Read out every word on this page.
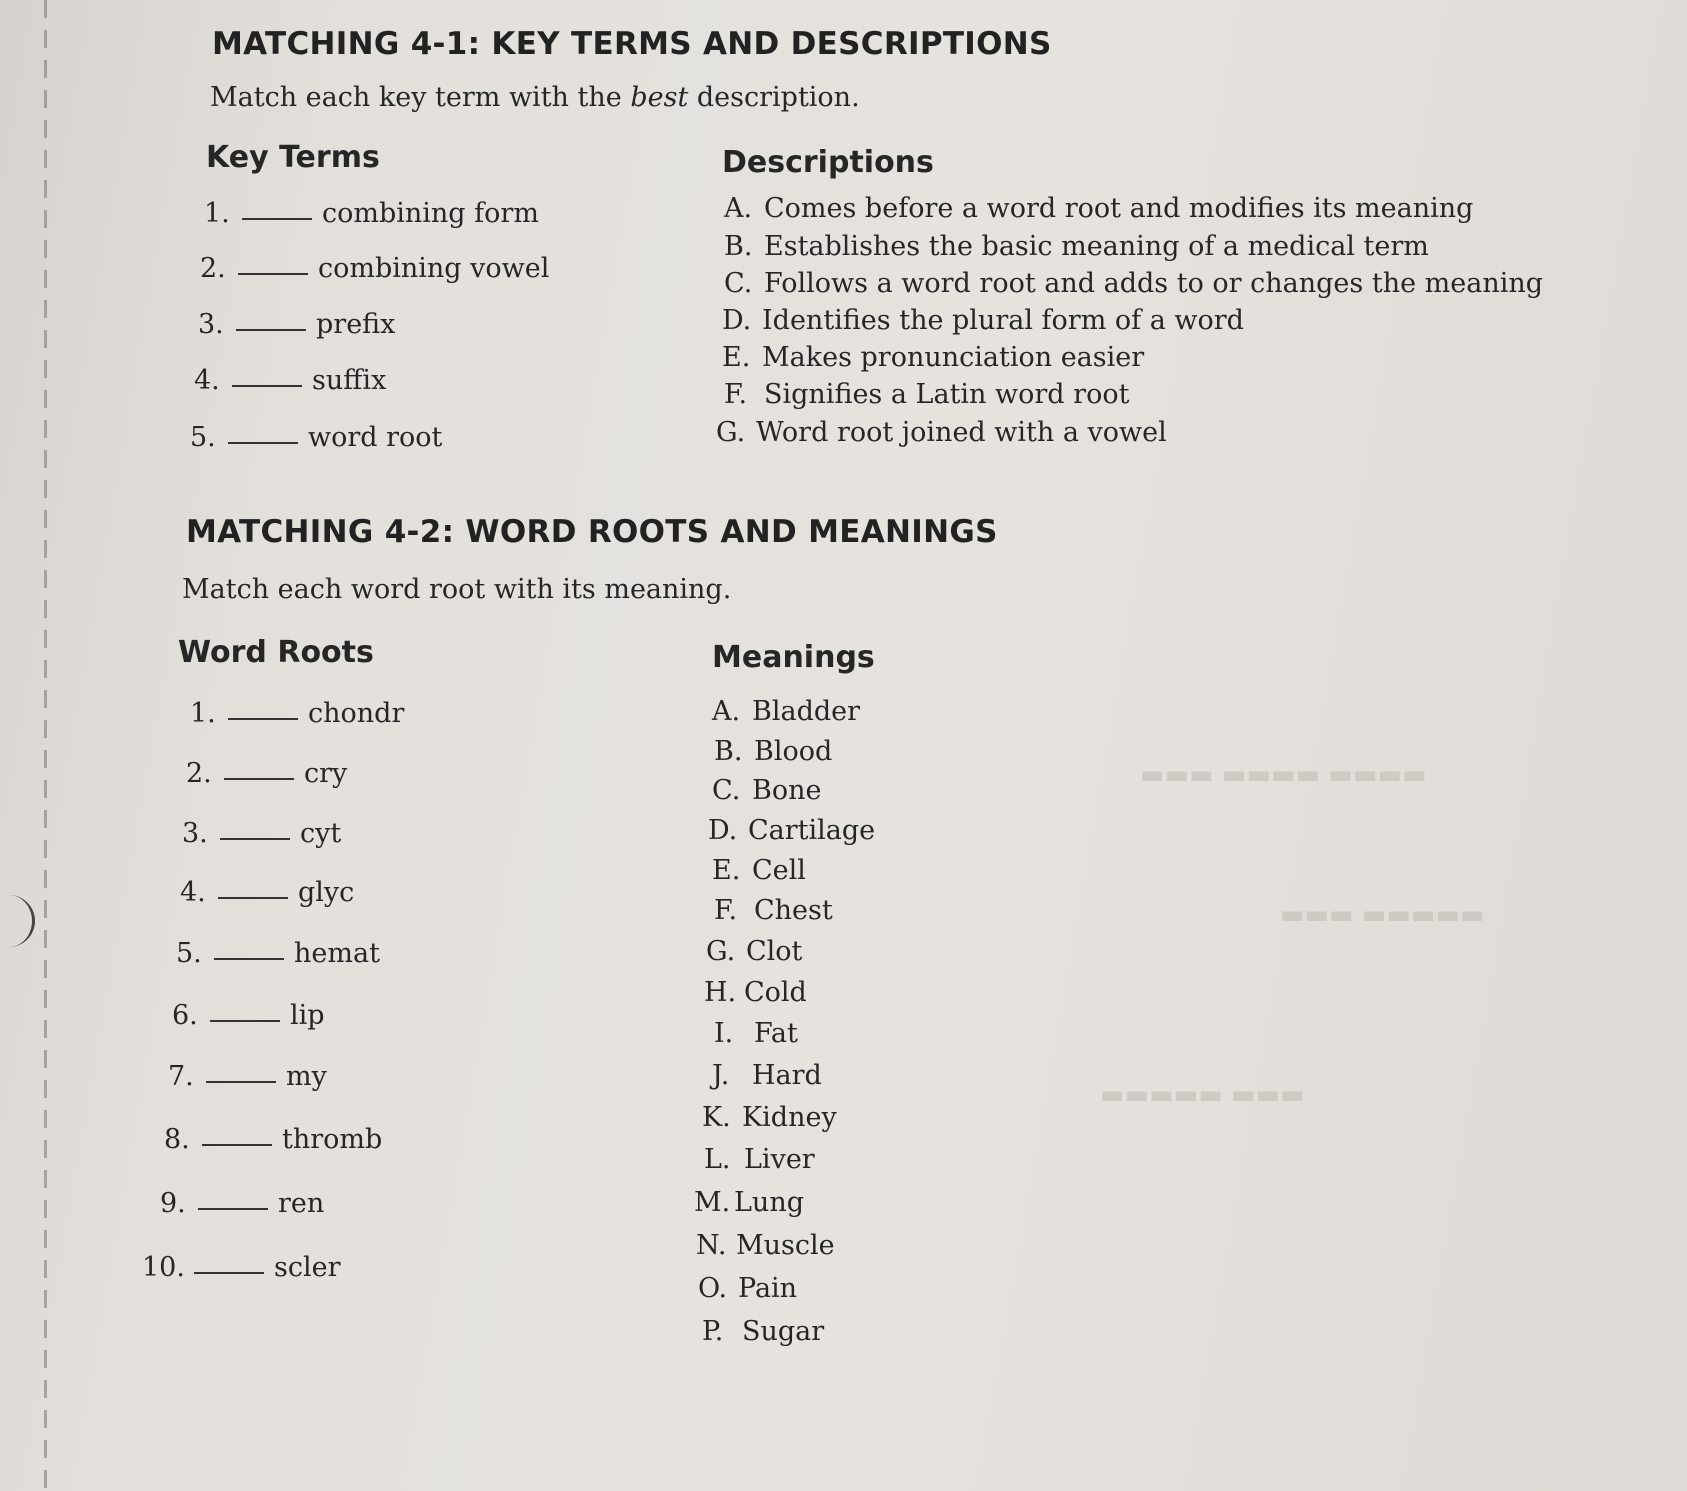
▬▬▬▬ ▬▬▬▬ ▬▬▬
▬▬▬▬▬ ▬▬▬
▬▬▬ ▬▬▬▬▬
MATCHING 4-1: KEY TERMS AND DESCRIPTIONS

Match each key term with the best description.

Key Terms	Descriptions
1.	combining form
2.	combining vowel
3.	prefix
4.	suffix
5.	word root
A. Comes before a word root and modifies its meaning
B. Establishes the basic meaning of a medical term
C. Follows a word root and adds to or changes the meaning
D. Identifies the plural form of a word
E. Makes pronunciation easier
F. Signifies a Latin word root
G. Word root joined with a vowel
MATCHING 4-2: WORD ROOTS AND MEANINGS

Match each word root with its meaning.

Word Roots	Meanings
1.	chondr
2.	cry
3.	cyt
4.	glyc
5.	hemat
6.	lip
7.	my
8.	thromb
9.	ren
10.	scler
A. Bladder
B. Blood
C. Bone
D. Cartilage
E. Cell
F. Chest
G. Clot
H. Cold
I. Fat
J. Hard
K. Kidney
L. Liver
M. Lung
N. Muscle
O. Pain
P. Sugar
